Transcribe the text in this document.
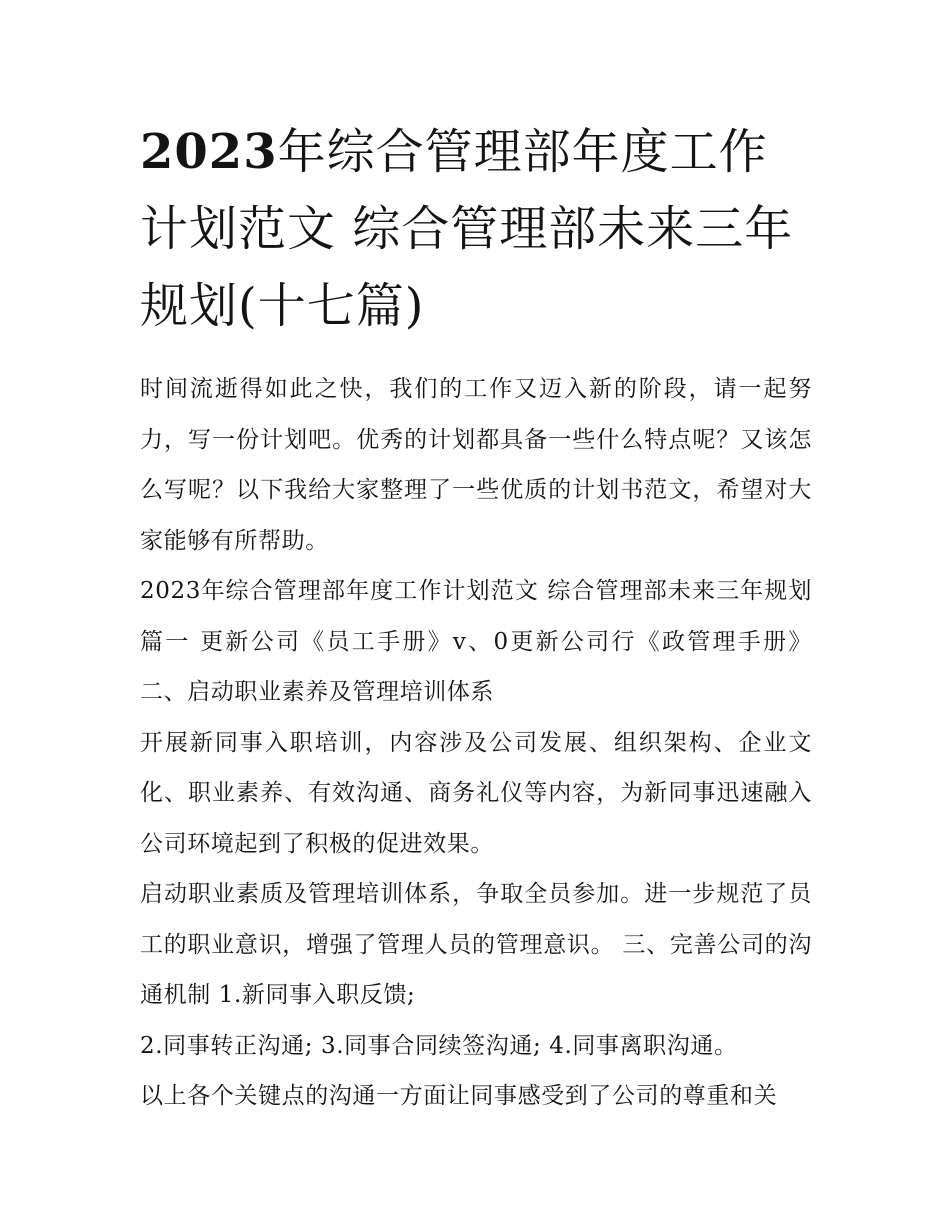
2023年综合管理部年度工作计划范文 综合管理部未来三年规划(十七篇)

时间流逝得如此之快，我们的工作又迈入新的阶段，请一起努力，写一份计划吧。优秀的计划都具备一些什么特点呢？又该怎么写呢？以下我给大家整理了一些优质的计划书范文，希望对大家能够有所帮助。

2023年综合管理部年度工作计划范文 综合管理部未来三年规划篇一 更新公司《员工手册》v、0更新公司行《政管理手册》 二、启动职业素养及管理培训体系

开展新同事入职培训，内容涉及公司发展、组织架构、企业文化、职业素养、有效沟通、商务礼仪等内容，为新同事迅速融入公司环境起到了积极的促进效果。

启动职业素质及管理培训体系，争取全员参加。进一步规范了员工的职业意识，增强了管理人员的管理意识。 三、完善公司的沟通机制 1.新同事入职反馈;

2.同事转正沟通; 3.同事合同续签沟通; 4.同事离职沟通。

以上各个关键点的沟通一方面让同事感受到了公司的尊重和关
